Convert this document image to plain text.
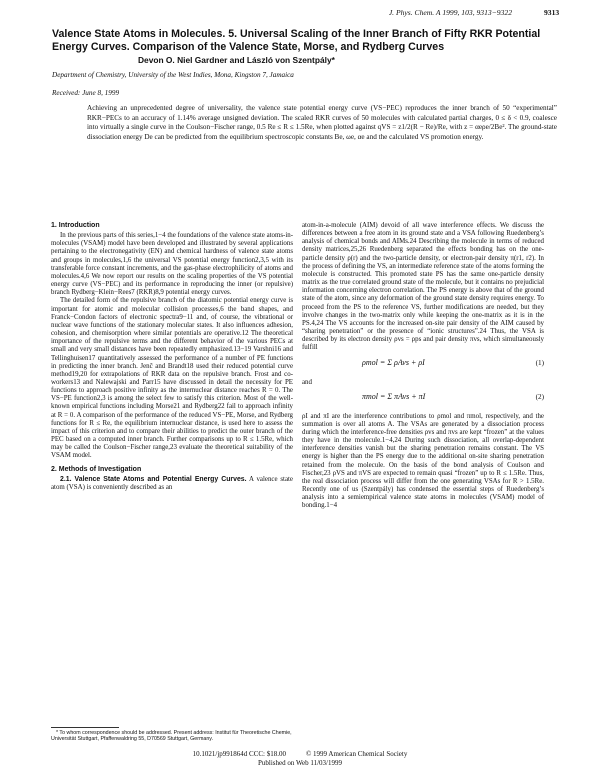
J. Phys. Chem. A 1999, 103, 9313−9322	9313
Valence State Atoms in Molecules. 5. Universal Scaling of the Inner Branch of Fifty RKR Potential Energy Curves. Comparison of the Valence State, Morse, and Rydberg Curves
Devon O. Niel Gardner and László von Szentpály*
Department of Chemistry, University of the West Indies, Mona, Kingston 7, Jamaica
Received: June 8, 1999

Achieving an unprecedented degree of universality, the valence state potential energy curve (VS−PEC) reproduces the inner branch of 50 “experimental” RKR−PECs to an accuracy of 1.14% average unsigned deviation. The scaled RKR curves of 50 molecules with calculated partial charges, 0 ≤ δ < 0.9, coalesce into virtually a single curve in the Coulson−Fischer range, 0.5 Re ≤ R ≤ 1.5Re, when plotted against qVS = z1/2(R − Re)/Re, with z = αeρe/2Be². The ground-state dissociation energy De can be predicted from the equilibrium spectroscopic constants Be, ωe, αe and the calculated VS promotion energy.

1. Introduction

In the previous parts of this series,1−4 the foundations of the valence state atoms-in-molecules (VSAM) model have been developed and illustrated by several applications pertaining to the electronegativity (EN) and chemical hardness of valence state atoms and groups in molecules,1,6 the universal VS potential energy function2,3,5 with its transferable force constant increments, and the gas-phase electrophilicity of atoms and molecules.4,6 We now report our results on the scaling properties of the VS potential energy curve (VS−PEC) and its performance in reproducing the inner (or repulsive) branch Rydberg−Klein−Rees7 (RKR)8,9 potential energy curves.

The detailed form of the repulsive branch of the diatomic potential energy curve is important for atomic and molecular collision processes,6 the band shapes, and Franck−Condon factors of electronic spectra9−11 and, of course, the vibrational or nuclear wave functions of the stationary molecular states. It also influences adhesion, cohesion, and chemisorption where similar potentials are operative.12 The theoretical importance of the repulsive terms and the different behavior of the various PECs at small and very small distances have been repeatedly emphasized.13−19 Varshni16 and Tellinghuisen17 quantitatively assessed the performance of a number of PE functions in predicting the inner branch. Jenč and Brandt18 used their reduced potential curve method19,20 for extrapolations of RKR data on the repulsive branch. Frost and co-workers13 and Nalewajski and Parr15 have discussed in detail the necessity for PE functions to approach positive infinity as the internuclear distance reaches R = 0. The VS−PE function2,3 is among the select few to satisfy this criterion. Most of the well-known empirical functions including Morse21 and Rydberg22 fail to approach infinity at R = 0. A comparison of the performance of the reduced VS−PE, Morse, and Rydberg functions for R ≤ Re, the equilibrium internuclear distance, is used here to assess the impact of this criterion and to compare their abilities to predict the outer branch of the PEC based on a computed inner branch. Further comparisons up to R ≤ 1.5Re, which may be called the Coulson−Fischer range,23 evaluate the theoretical suitability of the VSAM model.

2. Methods of Investigation

2.1. Valence State Atoms and Potential Energy Curves. A valence state atom (VSA) is conveniently described as an

atom-in-a-molecule (AIM) devoid of all wave interference effects. We discuss the differences between a free atom in its ground state and a VSA following Ruedenberg’s analysis of chemical bonds and AIMs.24 Describing the molecule in terms of reduced density matrices,25,26 Ruedenberg separated the effects bonding has on the one-particle density ρ(r) and the two-particle density, or electron-pair density π(r1, r2). In the process of defining the VS, an intermediate reference state of the atoms forming the molecule is constructed. This promoted state PS has the same one-particle density matrix as the true correlated ground state of the molecule, but it contains no prejudicial information concerning electron correlation. The PS energy is above that of the ground state of the atom, since any deformation of the ground state density requires energy. To proceed from the PS to the reference VS, further modifications are needed, but they involve changes in the two-matrix only while keeping the one-matrix as it is in the PS.4,24 The VS accounts for the increased on-site pair density of the AIM caused by “sharing penetration” or the presence of “ionic structures”.24 Thus, the VSA is described by its electron density ρvs = ρps and pair density πvs, which simultaneously fulfill

ρmol = Σ ρAvs + ρI	(1)

and

πmol = Σ πAvs + πI	(2)

ρI and πI are the interference contributions to ρmol and πmol, respectively, and the summation is over all atoms A. The VSAs are generated by a dissociation process during which the interference-free densities ρvs and πvs are kept “frozen” at the values they have in the molecule.1−4,24 During such dissociation, all overlap-dependent interference densities vanish but the sharing penetration remains constant. The VS energy is higher than the PS energy due to the additional on-site sharing penetration retained from the molecule. On the basis of the bond analysis of Coulson and Fischer,23 ρVS and πVS are expected to remain quasi “frozen” up to R ≤ 1.5Re. Thus, the real dissociation process will differ from the one generating VSAs for R > 1.5Re. Recently one of us (Szentpály) has condensed the essential steps of Ruedenberg’s analysis into a semiempirical valence state atoms in molecules (VSAM) model of bonding.1−4

* To whom correspondence should be addressed. Present address: Institut für Theoretische Chemie, Universität Stuttgart, Pfaffenwaldring 55, D70569 Stuttgart, Germany.

10.1021/jp991864d CCC: $18.00	© 1999 American Chemical Society
Published on Web 11/03/1999
